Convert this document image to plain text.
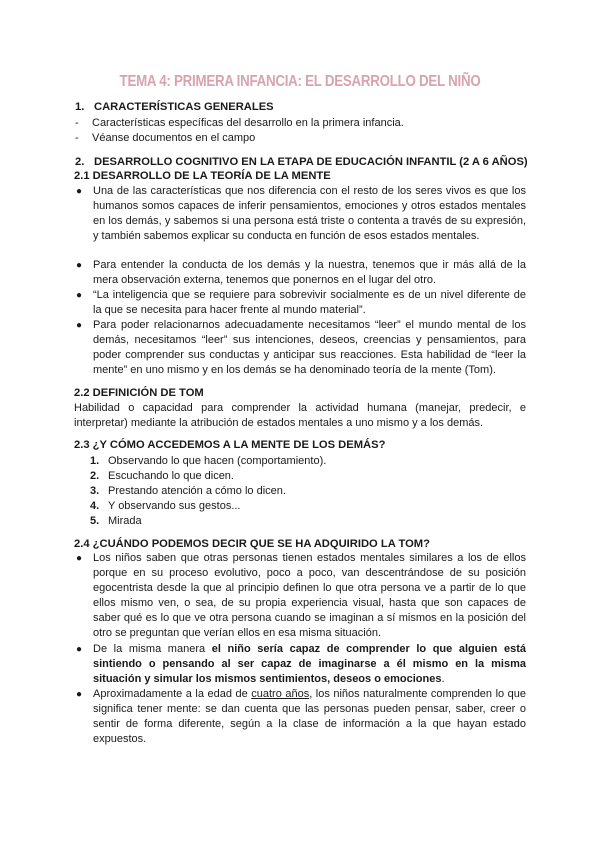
TEMA 4: PRIMERA INFANCIA: EL DESARROLLO DEL NIÑO
1. CARACTERÍSTICAS GENERALES
- Características específicas del desarrollo en la primera infancia.
- Véanse documentos en el campo
2. DESARROLLO COGNITIVO EN LA ETAPA DE EDUCACIÓN INFANTIL (2 A 6 AÑOS)
2.1 DESARROLLO DE LA TEORÍA DE LA MENTE
● Una de las características que nos diferencia con el resto de los seres vivos es que los humanos somos capaces de inferir pensamientos, emociones y otros estados mentales en los demás, y sabemos si una persona está triste o contenta a través de su expresión, y también sabemos explicar su conducta en función de esos estados mentales.
● Para entender la conducta de los demás y la nuestra, tenemos que ir más allá de la mera observación externa, tenemos que ponernos en el lugar del otro.
● “La inteligencia que se requiere para sobrevivir socialmente es de un nivel diferente de la que se necesita para hacer frente al mundo material”.
● Para poder relacionarnos adecuadamente necesitamos “leer” el mundo mental de los demás, necesitamos “leer” sus intenciones, deseos, creencias y pensamientos, para poder comprender sus conductas y anticipar sus reacciones. Esta habilidad de “leer la mente” en uno mismo y en los demás se ha denominado teoría de la mente (Tom).
2.2 DEFINICIÓN DE TOM
Habilidad o capacidad para comprender la actividad humana (manejar, predecir, e interpretar) mediante la atribución de estados mentales a uno mismo y a los demás.
2.3 ¿Y CÓMO ACCEDEMOS A LA MENTE DE LOS DEMÁS?
1. Observando lo que hacen (comportamiento).
2. Escuchando lo que dicen.
3. Prestando atención a cómo lo dicen.
4. Y observando sus gestos...
5. Mirada
2.4 ¿CUÁNDO PODEMOS DECIR QUE SE HA ADQUIRIDO LA TOM?
● Los niños saben que otras personas tienen estados mentales similares a los de ellos porque en su proceso evolutivo, poco a poco, van descentrándose de su posición egocentrista desde la que al principio definen lo que otra persona ve a partir de lo que ellos mismo ven, o sea, de su propia experiencia visual, hasta que son capaces de saber qué es lo que ve otra persona cuando se imaginan a sí mismos en la posición del otro se preguntan que verían ellos en esa misma situación.
● De la misma manera el niño sería capaz de comprender lo que alguien está sintiendo o pensando al ser capaz de imaginarse a él mismo en la misma situación y simular los mismos sentimientos, deseos o emociones.
● Aproximadamente a la edad de cuatro años, los niños naturalmente comprenden lo que significa tener mente: se dan cuenta que las personas pueden pensar, saber, creer o sentir de forma diferente, según a la clase de información a la que hayan estado expuestos.
